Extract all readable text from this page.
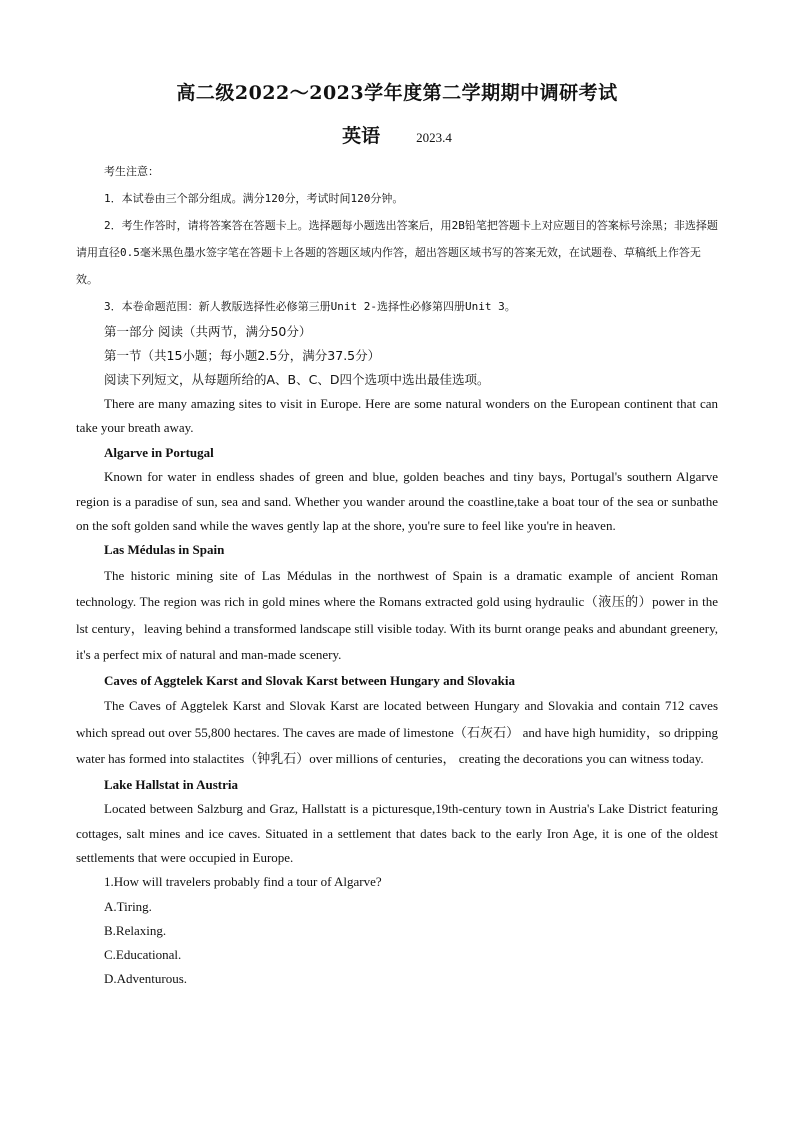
高二级2022～2023学年度第二学期期中调研考试
英语	2023.4

考生注意：

1．本试卷由三个部分组成。满分120分，考试时间120分钟。

2．考生作答时，请将答案答在答题卡上。选择题每小题选出答案后，用2B铅笔把答题卡上对应题目的答案标号涂黑；非选择题请用直径0.5毫米黑色墨水签字笔在答题卡上各题的答题区域内作答，超出答题区域书写的答案无效，在试题卷、草稿纸上作答无效。

3．本卷命题范围：新人教版选择性必修第三册Unit 2-选择性必修第四册Unit 3。

第一部分 阅读（共两节，满分50分）

第一节（共15小题；每小题2.5分，满分37.5分）

阅读下列短文，从每题所给的A、B、C、D四个选项中选出最佳选项。

There are many amazing sites to visit in Europe. Here are some natural wonders on the European continent that can take your breath away.

Algarve in Portugal

Known for water in endless shades of green and blue, golden beaches and tiny bays, Portugal's southern Algarve region is a paradise of sun, sea and sand. Whether you wander around the coastline,take a boat tour of the sea or sunbathe on the soft golden sand while the waves gently lap at the shore, you're sure to feel like you're in heaven.

Las Médulas in Spain

The historic mining site of Las Médulas in the northwest of Spain is a dramatic example of ancient Roman technology. The region was rich in gold mines where the Romans extracted gold using hydraulic（液压的）power in the lst century，leaving behind a transformed landscape still visible today. With its burnt orange peaks and abundant greenery, it's a perfect mix of natural and man-made scenery.

Caves of Aggtelek Karst and Slovak Karst between Hungary and Slovakia

The Caves of Aggtelek Karst and Slovak Karst are located between Hungary and Slovakia and contain 712 caves which spread out over 55,800 hectares. The caves are made of limestone（石灰石） and have high humidity，so dripping water has formed into stalactites（钟乳石）over millions of centuries， creating the decorations you can witness today.

Lake Hallstat in Austria

Located between Salzburg and Graz, Hallstatt is a picturesque,19th-century town in Austria's Lake District featuring cottages, salt mines and ice caves. Situated in a settlement that dates back to the early Iron Age, it is one of the oldest settlements that were occupied in Europe.

1.How will travelers probably find a tour of Algarve?

A.Tiring.

B.Relaxing.

C.Educational.

D.Adventurous.
